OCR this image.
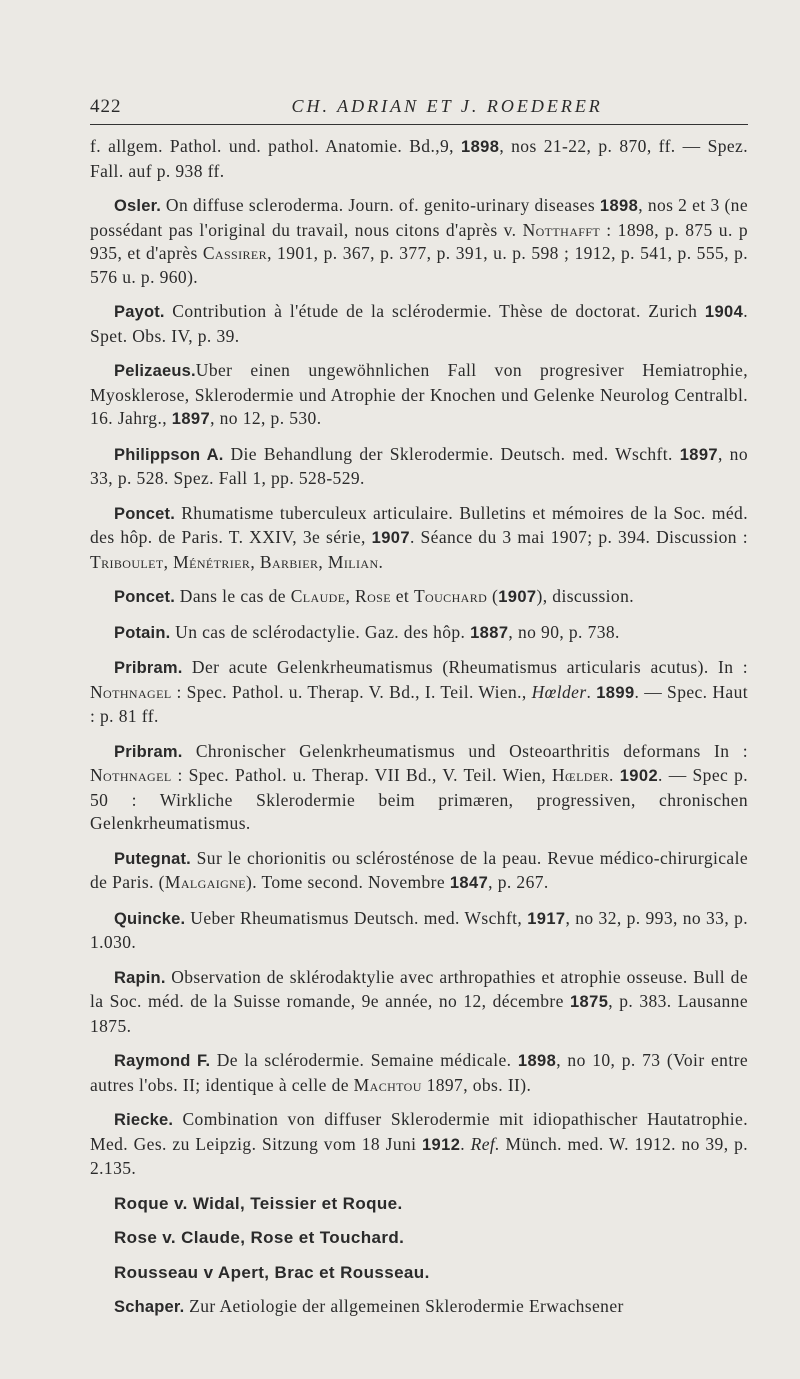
422	CH. ADRIAN ET J. ROEDERER

f. allgem. Pathol. und. pathol. Anatomie. Bd.,9, 1898, nos 21-22, p. 870, ff. — Spez. Fall. auf p. 938 ff.

Osler. On diffuse scleroderma. Journ. of. genito-urinary diseases 1898, nos 2 et 3 (ne possédant pas l'original du travail, nous citons d'après v. Notthafft : 1898, p. 875 u. p 935, et d'après Cassirer, 1901, p. 367, p. 377, p. 391, u. p. 598 ; 1912, p. 541, p. 555, p. 576 u. p. 960).

Payot. Contribution à l'étude de la sclérodermie. Thèse de doctorat. Zurich 1904. Spet. Obs. IV, p. 39.

Pelizaeus.Uber einen ungewöhnlichen Fall von progresiver Hemiatrophie, Myosklerose, Sklerodermie und Atrophie der Knochen und Gelenke Neurolog Centralbl. 16. Jahrg., 1897, no 12, p. 530.

Philippson A. Die Behandlung der Sklerodermie. Deutsch. med. Wschft. 1897, no 33, p. 528. Spez. Fall 1, pp. 528-529.

Poncet. Rhumatisme tuberculeux articulaire. Bulletins et mémoires de la Soc. méd. des hôp. de Paris. T. XXIV, 3e série, 1907. Séance du 3 mai 1907; p. 394. Discussion : Triboulet, Ménétrier, Barbier, Milian.

Poncet. Dans le cas de Claude, Rose et Touchard (1907), discussion.

Potain. Un cas de sclérodactylie. Gaz. des hôp. 1887, no 90, p. 738.

Pribram. Der acute Gelenkrheumatismus (Rheumatismus articularis acutus). In : Nothnagel : Spec. Pathol. u. Therap. V. Bd., I. Teil. Wien., Hœlder. 1899. — Spec. Haut : p. 81 ff.

Pribram. Chronischer Gelenkrheumatismus und Osteoarthritis deformans In : Nothnagel : Spec. Pathol. u. Therap. VII Bd., V. Teil. Wien, Hœlder. 1902. — Spec p. 50 : Wirkliche Sklerodermie beim primæren, progressiven, chronischen Gelenkrheumatismus.

Putegnat. Sur le chorionitis ou sclérosténose de la peau. Revue médico-chirurgicale de Paris. (Malgaigne). Tome second. Novembre 1847, p. 267.

Quincke. Ueber Rheumatismus Deutsch. med. Wschft, 1917, no 32, p. 993, no 33, p. 1.030.

Rapin. Observation de sklérodaktylie avec arthropathies et atrophie osseuse. Bull de la Soc. méd. de la Suisse romande, 9e année, no 12, décembre 1875, p. 383. Lausanne 1875.

Raymond F. De la sclérodermie. Semaine médicale. 1898, no 10, p. 73 (Voir entre autres l'obs. II; identique à celle de Machtou 1897, obs. II).

Riecke. Combination von diffuser Sklerodermie mit idiopathischer Hautatrophie. Med. Ges. zu Leipzig. Sitzung vom 18 Juni 1912. Ref. Münch. med. W. 1912. no 39, p. 2.135.

Roque v. Widal, Teissier et Roque.

Rose v. Claude, Rose et Touchard.

Rousseau v Apert, Brac et Rousseau.

Schaper. Zur Aetiologie der allgemeinen Sklerodermie Erwachsener
